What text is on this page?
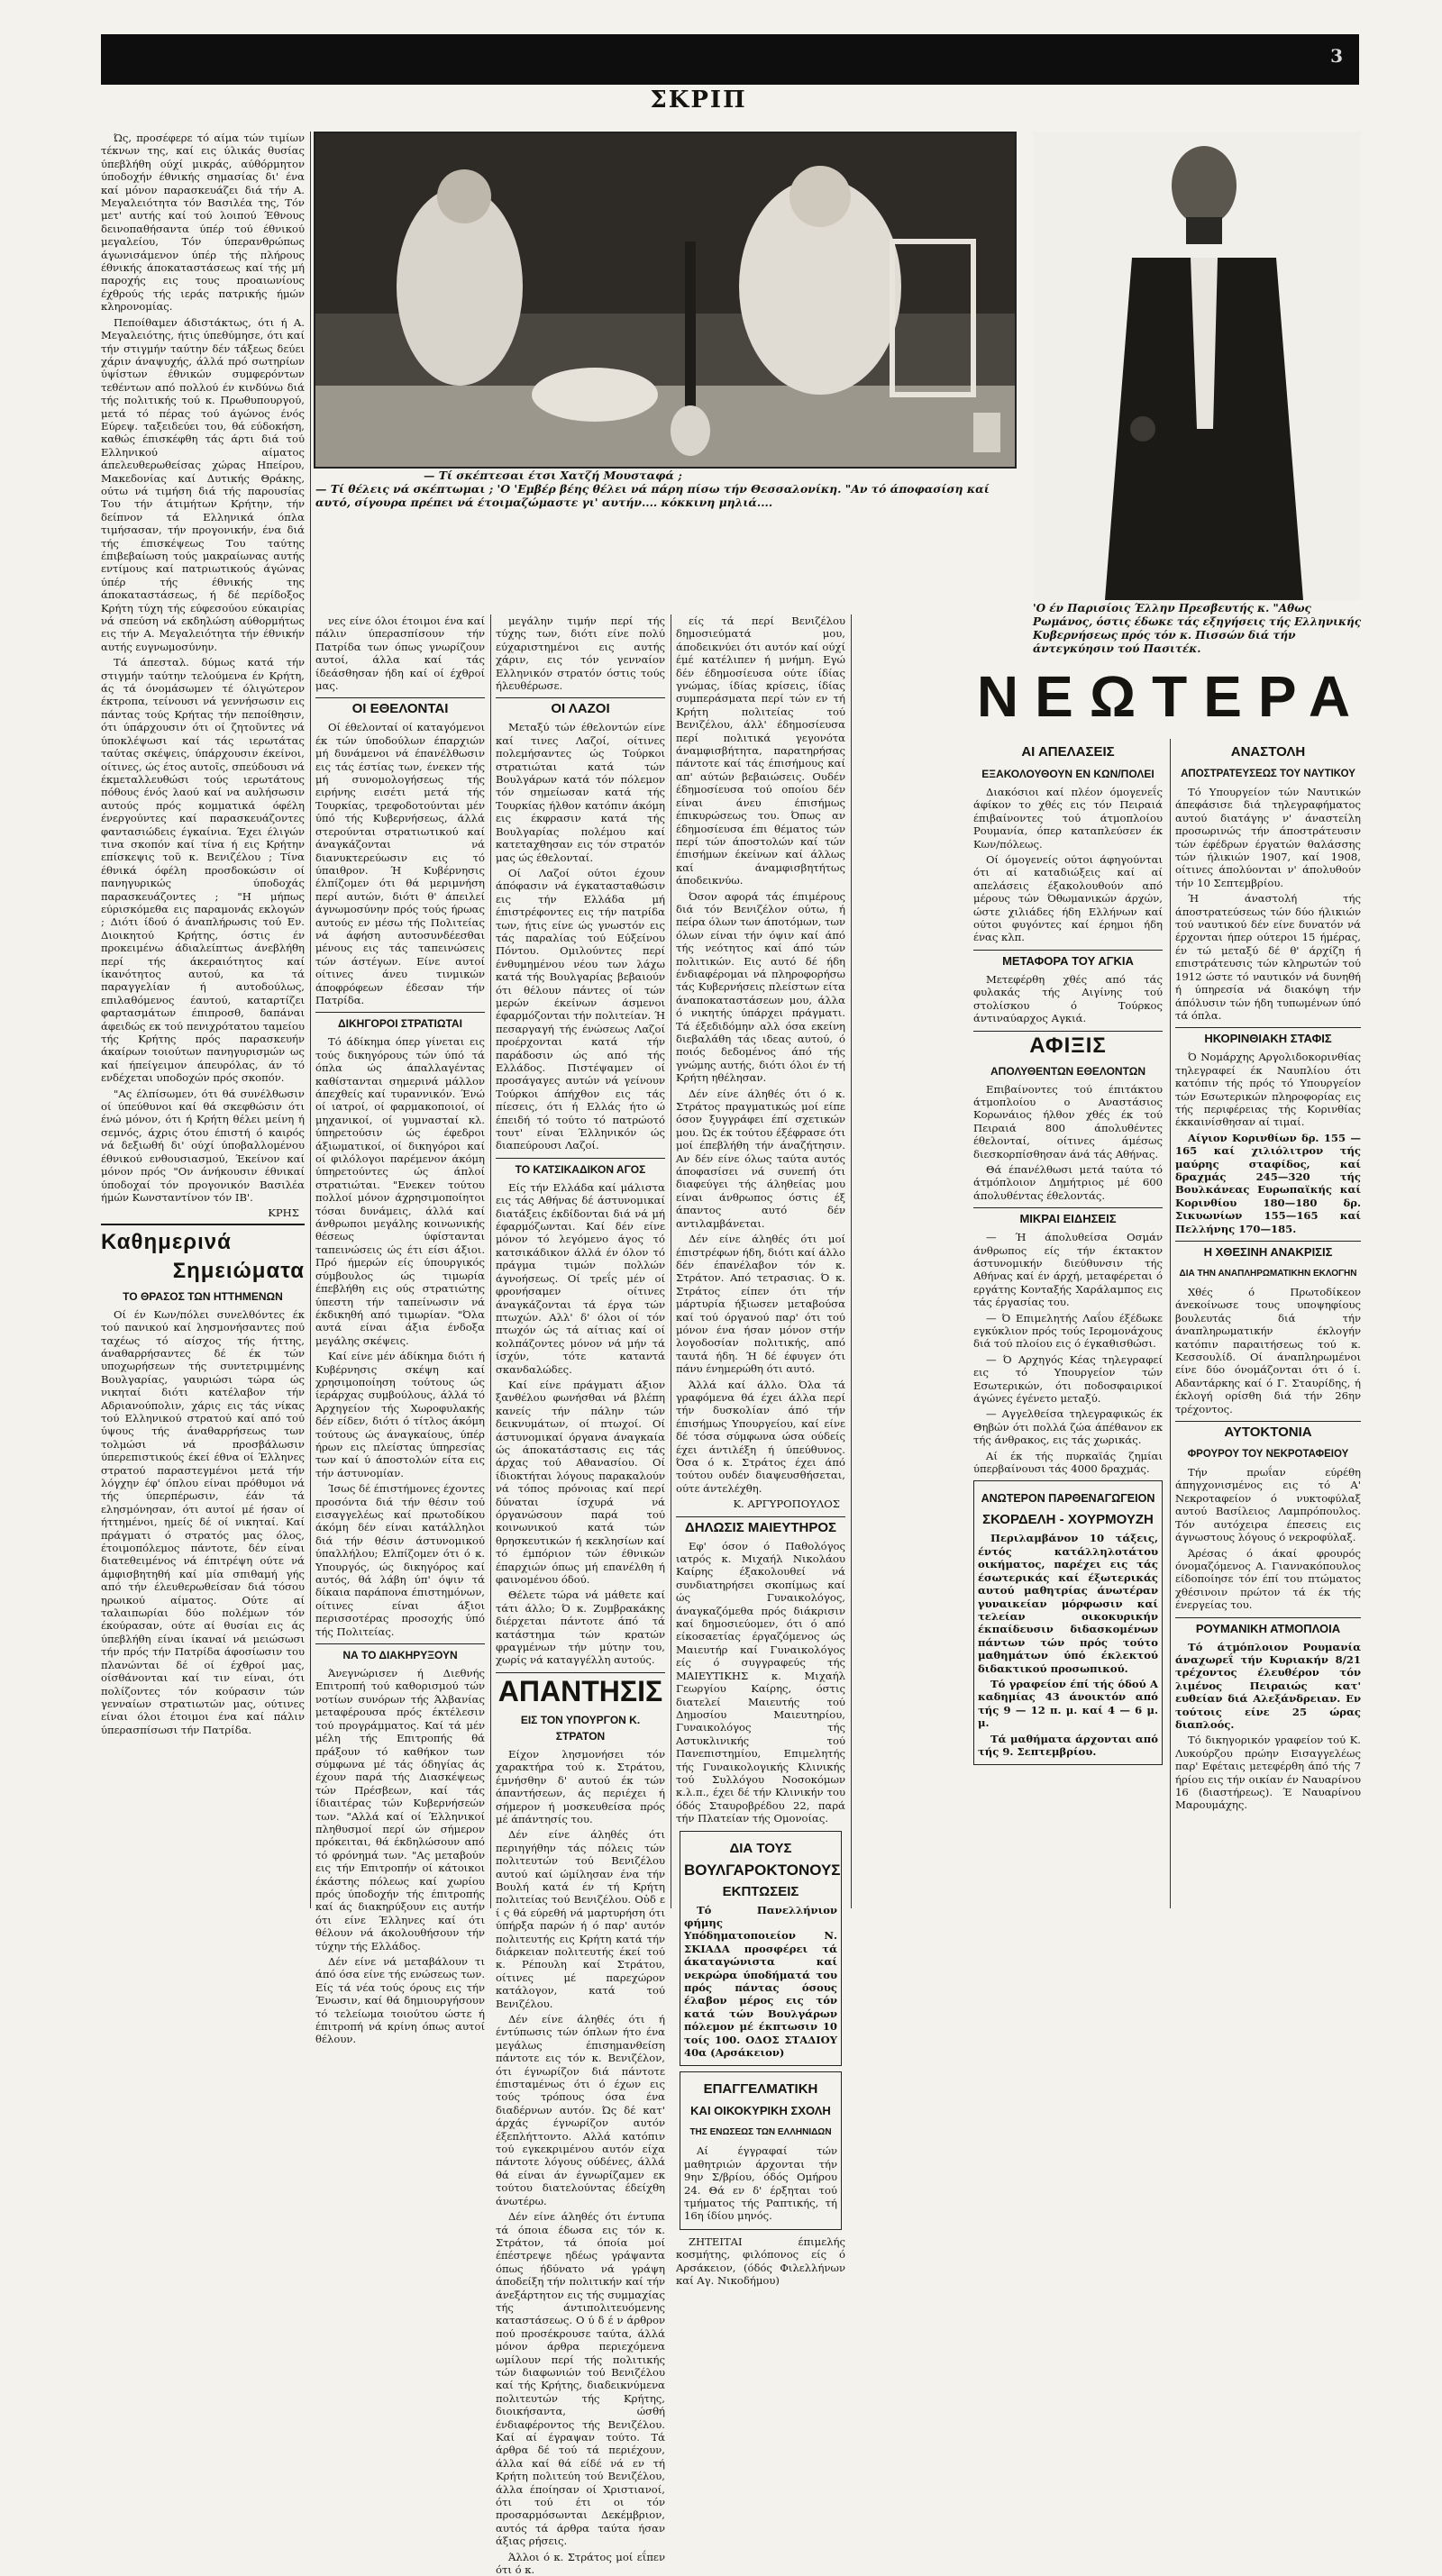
3
ΣΚΡΙΠ
— Τί σκέπτεσαι έτσι Χατζή Μουσταφά ;
— Τί θέλεις νά σκέπτωμαι ; 'Ο 'Εμβέρ βέης θέλει νά πάρη πίσω τήν Θεσσαλονίκη. "Αν τό άποφασίση καί αυτό, σίγουρα πρέπει νά έτοιμαζώμαστε γι' αυτήν.... κόκκινη μηλιά....
'Ο έν Παρισίοις Έλλην Πρεσβευτής κ. "Αθως Ρωμάνος, όστις έδωκε τάς εξηγήσεις τής Ελληνικής Κυβερνήσεως πρός τόν κ. Πισσών διά τήν άντεγκύησιν τού Πασιτέκ.

Ώς, προσέφερε τό αίμα τών τιμίων τέκνων της, καί εις ύλικάς θυσίας ύπεβλήθη ούχί μικράς, αύθόρμητον ύποδοχήν έθνικής σημασίας δι' ένα καί μόνον παρασκευάζει διά τήν Α. Μεγαλειότητα τόν Βασιλέα της, Τόν μετ' αυτής καί τού λοιπού Έθνους δεινοπαθήσαντα ύπέρ τού έθνικού μεγαλείου, Τόν ύπερανθρώπως άγωνισάμενον ύπέρ τής πλήρους έθνικής άποκαταστάσεως καί τής μή παροχής εις τους προαιωνίους έχθρούς τής ιεράς πατρικής ήμών κληρονομίας.

Πεποίθαμεν άδιστάκτως, ότι ή Α. Μεγαλειότης, ήτις ύπεθύμησε, ότι καί τήν στιγμήν ταύτην δέν τάξεως δεύει χάριν άναψυχής, άλλά πρό σωτηρίων ύψίστων έθνικών συμφερόντων τεθέντων από πολλού έν κινδύνω διά τής πολιτικής τού κ. Πρωθυπουργού, μετά τό πέρας τού άγώνος ένός Εύρεψ. ταξειδεύει του, θά εύδοκήση, καθώς έπισκέφθη τάς άρτι διά τού Ελληνικού αίματος άπελευθερωθείσας χώρας Ηπείρου, Μακεδονίας καί Δυτικής Θράκης, ούτω νά τιμήση διά τής παρουσίας Του τήν άτιμήτων Κρήτην, τήν δείπνον τά Ελληνικά όπλα τιμήσασαν, τήν προγονικήν, ένα διά τής έπισκέψεως Του ταύτης έπιβεβαίωση τούς μακραίωνας αυτής εντίμους καί πατριωτικούς άγώνας ύπέρ τής έθνικής της άποκαταστάσεως, ή δέ περίδοξος Κρήτη τύχη τής εύφεσούου εύκαιρίας νά σπεύση νά εκδηλώση αύθορμήτως εις τήν Α. Μεγαλειότητα τήν έθνικήν αυτής ευγνωμοσύνην.

Τά άπεσταλ. δύμως κατά τήν στιγμήν ταύτην τελούμενα έν Κρήτη, άς τά όνομάσωμεν τέ όλιγώτερον έκτροπα, τείνουσι νά γεννήσωσιν εις πάντας τούς Κρήτας τήν πεποίθησιν, ότι ύπάρχουσιν ότι οί ζητοῦντες νά ύποκλέψωσι καί τάς ιερωτάτας ταύτας σκέψεις, ύπάρχουσιν έκείνοι, οίτινες, ώς έτος αυτοῖς, σπεύδουσι νά έκμεταλλευθώσι τούς ιερωτάτους πόθους ένός λαού καί να αυλήσωσιν αυτούς πρός κομματικά όφέλη ένεργούντες καί παρασκευάζοντες φαντασιώδεις έγκαίνια. Έχει έλιγών τινα σκοπόν καί τίνα ή εις Κρήτην επίσκεψις τοῦ κ. Βενιζέλου ; Τίνα έθνικά όφέλη προσδοκώσιν οί πανηγυρικώς ύποδοχάς παρασκευάζοντες ; "Η μήπως εύρισκόμεθα εις παραμονάς εκλογών ; Διότι ίδού ό άναπλήρωσις τού Εν. Διοικητού Κρήτης, όστις έν προκειμένω άδιαλείπτως άνεβλήθη περί τής άκεραιότητος καί ίκανότητος αυτού, κα τά παραγγελίαν ή αυτοδούλως, επιλαθόμενος έαυτού, καταρτίζει φαρτασμάτων έπιπροσθ, δαπάναι άφειδώς εκ τού πενιχρότατου ταμείου τής Κρήτης πρός παρασκευήν άκαίρων τοιούτων πανηγυρισμών ως καί ήπείγειμον άπευρόλας, άν τό ενδέχεται υποδοχών πρός σκοπόν.

"Ας έλπίσωμεν, ότι θά συνέλθωσιν οί ύπεύθυνοι καί θά σκεφθώσιν ότι ένώ μόνον, ότι ή Κρήτη θέλει μείνη ή σεμνός, άχρις ότου έπιστή ό καιρός νά δεξιωθή δι' ούχί ύποβαλλομένου έθνικού ενθουσιασμού, Έκείνον καί μόνον πρός "Ον άνήκουσιν έθνικαί ύποδοχαί τόν προγονικόν Βασιλέα ήμών Κωνσταντίνον τόν ΙΒ'.

ΚΡΗΣ
Καθημερινά
Σημειώματα
ΤΟ ΘΡΑΣΟΣ ΤΩΝ ΗΤΤΗΜΕΝΩΝ

Οί έν Κων/πόλει συνελθόντες έκ τού πανικού καί λησμονήσαντες πού ταχέως τό αίσχος τής ήττης, άναθαρρήσαντες δέ έκ τών υποχωρήσεων τής συντετριμμένης Βουλγαρίας, γαυριώσι τώρα ώς νικηταί διότι κατέλαβον τήν Αδριανούπολιν, χάρις εις τάς νίκας τού Ελληνικού στρατού καί από τού ύψους τής άναθαρρήσεως των τολμώσι νά προσβάλωσιν ύπερεπιστικούς έκεί έθνα οί Έλληνες στρατού παραστεγμένοι μετά τήν λόγχην έφ' όπλου είναι πρόθυμοι νά τής ύπερπέρωσιν, έάν τά ελησμόνησαν, ότι αυτοί μέ ήσαν οί ήττημένοι, ημείς δέ οί νικηταί. Καί πράγματι ό στρατός μας όλος, έτοιμοπόλεμος πάντοτε, δέν είναι διατεθειμένος νά έπιτρέψη ούτε νά άμφισβητηθή καί μία σπιθαμή γής από τήν έλευθερωθείσαν διά τόσου ηρωικού αίματος. Ούτε αί ταλαιπωρίαι δύο πολέμων τόν έκούρασαν, ούτε αί θυσίαι εις άς ύπεβλήθη είναι ίκαναί νά μειώσωσι τήν πρός τήν Πατρίδα άφοσίωσιν του πλανώνται δέ οί έχθροί μας, οίσθάνονται καί τιν είναι, ότι πολίζοντες τόν κούρασιν τών γενναίων στρατιωτών μας, ούτινες είναι όλοι έτοιμοι ένα καί πάλιν ύπερασπίσωσι τήν Πατρίδα.

νες είνε όλοι έτοιμοι ένα καί πάλιν ύπερασπίσουν τήν Πατρίδα των όπως γνωρίζουν αυτοί, άλλα καί τάς ίδεάσθησαν ήδη καί οί έχθροί μας.

ΟΙ ΕΘΕΛΟΝΤΑΙ

Οί έθελονταί οί καταγόμενοι έκ τών ύποδούλων έπαρχιών μή δυνάμενοι νά έπανέλθωσιν εις τάς έστίας των, ένεκεν τής μή συνομολογήσεως τής ειρήνης εισέτι μετά τής Τουρκίας, τρεφοδοτούνται μέν ύπό τής Κυβερνήσεως, άλλά στερούνται στρατιωτικού καί άναγκάζονται νά διανυκτερεύωσιν εις τό ύπαιθρον. Ή Κυβέρνησις έλπίζομεν ότι θά μεριμνήση περί αυτών, διότι θ' άπειλεί άγνωμοσύνην πρός τούς ήρωας αυτούς εν μέσω τής Πολιτείας νά άφήση αυτοσυνδέεσθαι μένους εις τάς ταπεινώσεις τών άστέγων. Είνε αυτοί οίτινες άνευ τινμικών άποφρόφεων έδεσαν τήν Πατρίδα.

ΔΙΚΗΓΟΡΟΙ ΣΤΡΑΤΙΩΤΑΙ

Τό άδίκημα όπερ γίνεται εις τούς δικηγόρους τών ύπό τά όπλα ώς άπαλλαγέντας καθίστανται σημερινά μάλλον άπεχθείς καί τυραννικόν. Ένώ οί ιατροί, οί φαρμακοποιοί, οί μηχανικοί, οί γυμνασταί κλ. ύπηρετούσιν ώς έφεδροι άξιωματικοί, οί δικηγόροι καί οί φιλόλογοι παρέμενον άκόμη ύπηρετούντες ώς άπλοί στρατιώται. "Ενεκεν τούτου πολλοί μόνον άχρησιμοποίητοι τόσαι δυνάμεις, άλλά καί άνθρωποι μεγάλης κοινωνικής θέσεως ύφίστανται ταπεινώσεις ώς έτι είσι άξιοι. Πρό ήμερών είς ύπουργικός σύμβουλος ώς τιμωρία έπεβλήθη εις ούς στρατιώτης ύπεστη τήν ταπείνωσιν νά έκδικηθή από τιμωρίαν. "Όλα αυτά είναι άξια ένδοξα μεγάλης σκέψεις.

Καί είνε μέν άδίκημα διότι ή Κυβέρνησις σκέψη καί χρησιμοποίηση τούτους ώς ίεράρχας συμβούλους, άλλά τό Άρχηγείον τής Χωροφυλακής δέν είδεν, διότι ό τίτλος άκόμη τούτους ώς άναγκαίους, ύπέρ ήρων εις πλείστας ύπηρεσίας των καί ύ άποστολών είτα εις τήν άστυνομίαν.

Ίσως δέ έπιστήμονες έχοντες προσόντα διά τήν θέσιν τού εισαγγελέως καί πρωτοδίκου άκόμη δέν είναι κατάλληλοι διά τήν θέσιν άστυνομικού ύπαλλήλου; Ελπίζομεν ότι ό κ. Υπουργός, ώς δικηγόρος καί αυτός, θά λάβη ύπ' όψιν τά δίκαια παράπονα έπιστημόνων, οίτινες είναι άξιοι περισσοτέρας προσοχής ύπό τής Πολιτείας.

ΝΑ ΤΟ ΔΙΑΚΗΡΥΞΟΥΝ

Άνεγνώρισεν ή Διεθνής Επιτροπή τού καθορισμού τών νοτίων συνόρων τής Άλβανίας μεταφέρουσα πρός έκτέλεσιν τού προγράμματος. Καί τά μέν μέλη τής Επιτροπής θά πράξουν τό καθήκον των σύμφωνα μέ τάς όδηγίας άς έχουν παρά τής Διασκέψεως τών Πρέσβεων, καί τάς ίδιαιτέρας τών Κυβερνήσεών των. "Αλλά καί οί Έλληνικοί πληθυσμοί περί ών σήμερον πρόκειται, θά έκδηλώσουν από τό φρόνημά των. "Ας μεταβούν εις τήν Επιτροπήν οί κάτοικοι έκάστης πόλεως καί χωρίου πρός ύποδοχήν τής έπιτροπής καί άς διακηρύξουν εις αυτήν ότι είνε Έλληνες καί ότι θέλουν νά άκολουθήσουν τήν τύχην τής Ελλάδος.

Δέν είνε νά μεταβάλουν τι άπό όσα είνε τής ενώσεως των. Είς τά νέα τούς όρους εις τήν Ένωσιν, καί θά δημιουργήσουν τό τελείωμα τοιούτου ώστε ή έπιτροπή νά κρίνη όπως αυτοί θέλουν.

μεγάλην τιμήν περί τής τύχης των, διότι είνε πολύ εύχαριστημένοι εις αυτής χάριν, εις τόν γενναίον Ελληνικόν στρατόν όστις τούς ήλευθέρωσε.

ΟΙ ΛΑΖΟΙ

Μεταξύ τών έθελοντών είνε καί τινες Λαζοί, οίτινες πολεμήσαντες ώς Τούρκοι στρατιώται κατά τών Βουλγάρων κατά τόν πόλεμον τόν σημείωσαν κατά τής Τουρκίας ήλθον κατόπιν άκόμη εις έκφρασιν κατά τής Βουλγαρίας πολέμου καί κατεταχθησαν εις τόν στρατόν μας ώς έθελονταί.

Οί Λαζοί ούτοι έχουν άπόφασιν νά έγκατασταθώσιν εις τήν Ελλάδα μή έπιστρέφοντες εις τήν πατρίδα των, ήτις είνε ώς γνωστόν εις τάς παραλίας τού Εύξείνου Πόντου. Ομιλούντες περί ένθυμημένου νέου των λάχω κατά τής Βουλγαρίας βεβαιούν ότι θέλουν πάντες οί τών μερών έκείνων άσμενοι έφαρμόζονται τήν πολιτείαν. Ή πεσαργαγή τής ένώσεως Λαζοί προέρχονται κατά τήν παράδοσιν ώς από τής Ελλάδος. Πιστέψαμεν οί προσάγαγες αυτών νά γείνουν Τούρκοι άπήχθον εις τάς πίεσεις, ότι ή Ελλάς ήτο ώ έπειδή τό τούτο τό πατρώοτό τουτ' είναι Έλληνικόν ώς διαπεύρουσι Λαζοί.

ΤΟ ΚΑΤΣΙΚΑΔΙΚΟΝ ΑΓΟΣ

Είς τήν Ελλάδα καί μάλιστα εις τάς Αθήνας δέ άστυνομικαί διατάξεις έκδίδονται διά νά μή έφαρμόζωνται. Καί δέν είνε μόνον τό λεγόμενο άγος τό κατσικάδικον άλλά έν όλον τό πράγμα τιμών πολλών άγνοήσεως. Οί τρεΐς μέν οί φρονήσαμεν οίτινες άναγκάζονται τά έργα τών πτωχών. Αλλ' δ' όλοι οί τόν πτωχόν ώς τά αίτιας καί οί κολπάζοντες μόνον νά μήν τά ίσχύν, τότε καταντά σκανδαλώδες.

Καί είνε πράγματι άξιον ξανθέλου φωνήσθαι νά βλέπη κανείς τήν πάλην τών δεικνυμάτων, οί πτωχοί. Οί άστυνομικαί όργανα άναγκαία ώς άποκατάστασις εις τάς άρχας τού Αθανασίου. Οί ίδιοκτήται λόγους παρακαλούν νά τόπος πρόνοιας καί περί δύναται ίσχυρά νά όργανώσουν παρά τού κοινωνικού κατά τών θρησκευτικών ή κεκλησίων καί τό έμπόριον τών έθνικών έπαρχιών όπως μή επανέλθη ή φαινομένου όδού.

Θέλετε τώρα νά μάθετε καί τάτι άλλο; Ό κ. Ζυμβρακάκης διέρχεται πάντοτε άπό τά κατάστημα τών κρατών φραγμένων τήν μύτην του, χωρίς νά καταγγέλλη αυτούς.

ΑΠΑΝΤΗΣΙΣ
ΕΙΣ ΤΟΝ ΥΠΟΥΡΓΟΝ Κ. ΣΤΡΑΤΟΝ

Είχον λησμονήσει τόν χαρακτήρα τού κ. Στράτου, έμνήσθην δ' αυτού έκ τών άπαντήσεων, άς περιέχει ή σήμερον ή μοσκευθείσα πρός μέ άπάντησίς του.

Δέν είνε άληθές ότι περιηγήθην τάς πόλεις τών πολιτευτών τού Βενιζέλου αυτού καί ώμίλησαν ένα τήν Βουλή κατά έν τή Κρήτη πολιτείας τού Βενιζέλου. Οὐδ ε ί ς θά εύρεθή νά μαρτυρήση ότι ύπήρξα παρών ή ό παρ' αυτόν πολιτευτής εις Κρήτη κατά τήν διάρκειαν πολιτευτής έκεί τού κ. Ρέπουλη καί Στράτου, οίτινες μέ παρεχώρον κατάλογον, κατά τού Βενιζέλου.

Δέν είνε άληθές ότι ή έντύπωσις τών όπλων ήτο ένα μεγάλως έπισημανθείση πάντοτε εις τόν κ. Βενιζέλον, ότι έγνωρίζον διά πάντοτε έπισταμένως ότι ό έχων εις τούς τρόπους όσα ένα διαδέρνων αυτόν. Ώς δέ κατ' άρχάς έγνωρίζον αυτόν έξεπλήττοντο. Αλλά κατόπιν τού εγκεκριμένου αυτόν είχα πάντοτε λόγους ούδένες, άλλά θά είναι άν έγνωρίζαμεν εκ τούτου διατελούντας έδείχθη άνωτέρω.

Δέν είνε άληθές ότι έντυπα τά όποια έδωσα εις τόν κ. Στράτον, τά όποία μοί έπέστρεψε ηδέως γράψαντα όπως ήδύνατο νά γράψη άποδείξη τήν πολιτικήν καί τήν άνεξάρτητον εις τής συμμαχίας τής άντιπολιτευόμενης καταστάσεως. Ο ύ δ έ ν άρθρον πού προσέκρουσε ταύτα, άλλά μόνον άρθρα περιεχόμενα ωμίλουν περί τής πολιτικής τών διαφωνιών τού Βενιζέλου καί τής Κρήτης, διαδεικνύμενα πολιτευτών τής Κρήτης, διοικήσαντα, ώσθή ένδιαφέροντος τής Βενιζέλου. Καί αί έγραψαν τούτο. Τά άρθρα δέ τού τά περιέχουν, άλλα καί θά είδέ νά εν τή Κρήτη πολιτεύη τού Βενιζέλου, άλλα έποίησαν οί Χριστιανοί, ότι τού έτι οι τόν προσαρμόσωνται Δεκέμβριον, αυτός τά άρθρα ταύτα ήσαν άξιας ρήσεις.

Άλλοι ό κ. Στράτος μοί εΐπεν ότι ό κ.

είς τά περί Βενιζέλου δημοσιεύματά μου, άποδεικνύει ότι αυτόν καί ούχί έμέ κατέλιπεν ή μνήμη. Εγώ δέν έδημοσίευσα ούτε ίδίας γνώμας, ίδίας κρίσεις, ίδίας συμπεράσματα περί τών εν τή Κρήτη πολιτείας τού Βενιζέλου, άλλ' έδημοσίευσα περί πολιτικά γεγονότα άναμφισβήτητα, παρατηρήσας πάντοτε καί τάς έπισήμους καί απ' αύτών βεβαιώσεις. Ουδέν έδημοσίευσα τού οποίου δέν είναι άνευ έπισήμως έπικυρώσεως του. Όπως αν έδημοσίευσα έπι θέματος τών περί τών άποστολών καί τών έπισήμων έκείνων καί άλλως καί άναμφισβητήτως άποδεικνύω.

Όσον αφορά τάς έπιμέρους διά τόν Βενιζέλον ούτω, ή πείρα όλων των άποτόμων, των όλων είναι τήν όψιν καί άπό τής νεότητος καί άπό τών πολιτικών. Εις αυτό δέ ήδη ένδιαφέρομαι νά πληροφορήσω τάς Κυβερνήσεις πλείστων είτα άναποκαταστάσεων μου, άλλα ό νικητής ύπάρχει πράγματι. Τά έξεδιδόμην αλλ όσα εκείνη διεβαλάθη τάς ιδεας αυτού, ό ποιός δεδομένος άπό τής γνώμης αυτής, διότι όλοι έν τή Κρήτη ηθέλησαν.

Δέν είνε άληθές ότι ό κ. Στράτος πραγματικώς μοί είπε όσον ξυγγράφει έπί σχετικών μου. Ώς έκ τούτου έξέφρασε ότι μοί έπεβλήθη τήν άναζήτησιν. Αν δέν είνε όλως ταύτα αυτός άποφασίσει νά συνεπή ότι διαφεύγει τής άληθείας μου είναι άνθρωπος όστις έξ άπαντος αυτό δέν αντιλαμβάνεται.

Δέν είνε άληθές ότι μοί έπιστρέφων ήδη, διότι καί άλλο δέν έπανέλαβον τόν κ. Στράτον. Από τετρασιας. Ό κ. Στράτος είπεν ότι τήν μάρτυρία ήξιωσεν μεταβούσα καί τού όργανού παρ' ότι τού μόνον ένα ήσαν μόνον στήν λογοδοσίαν πολιτικής, από ταυτά ήδη. Ή δέ έφυγεν ότι πάνυ ένημερώθη ότι αυτό.

Άλλά καί άλλο. Όλα τά γραφόμενα θά έχει άλλα περί τήν δυσκολίαν άπό τήν έπισήμως Υπουργείου, καί είνε δέ τόσα σύμφωνα ώσα ούδείς έχει άντιλέξη ή ύπεύθυνος. Όσα ό κ. Στράτος έχει άπό τούτου ουδέν διαψευσθήσεται, ούτε άντελέχθη.

Κ. ΑΡΓΥΡΟΠΟΥΛΟΣ
ΔΗΛΩΣΙΣ ΜΑΙΕΥΤΗΡΟΣ

Εφ' όσον ό Παθολόγος ιατρός κ. Μιχαήλ Νικολάου Καίρης έξακολουθεί νά συνδιατηρήσει σκοπίμως καί ώς Γυναικολόγος, άναγκαζόμεθα πρός διάκρισιν καί δημοσιεύομεν, ότι ό από είκοσαετίας έργαζόμενος ώς Μαιευτήρ καί Γυναικολόγος είς ό συγγραφεύς τής ΜΑΙΕΥΤΙΚΗΣ κ. Μιχαήλ Γεωργίου Καίρης, όστις διατελεί Μαιευτής τού Δημοσίου Μαιευτηρίου, Γυναικολόγος τής Αστυκλινικής τού Πανεπιστημίου, Επιμελητής τής Γυναικολογικής Κλινικής τού Συλλόγου Νοσοκόμων κ.λ.π., έχει δέ τήν Κλινικήν του όδός Σταυροβρέδου 22, παρά τήν Πλατείαν τής Ομονοίας.

ΔΙΑ ΤΟΥΣ
ΒΟΥΛΓΑΡΟΚΤΟΝΟΥΣ
ΕΚΠΤΩΣΕΙΣ

Τό Πανελλήνιον φήμης Υπόδηματοποιείον Ν. ΣΚΙΑΔΑ προσφέρει τά άκαταγώνιστα καί νεκρώρα ύποδήματά του πρός πάντας όσους έλαβον μέρος εις τόν κατά τών Βουλγάρων πόλεμον μέ έκπτωσιν 10 τοίς 100. ΟΔΟΣ ΣΤΑΔΙΟΥ 40α (Αρσάκειον)

ΕΠΑΓΓΕΛΜΑΤΙΚΗ
ΚΑΙ ΟΙΚΟΚΥΡΙΚΗ ΣΧΟΛΗ
ΤΗΣ ΕΝΩΣΕΩΣ ΤΩΝ ΕΛΛΗΝΙΔΩΝ

Αί έγγραφαί τών μαθητριών άρχονται τήν 9ην Σ/βρίου, όδός Ομήρου 24. Θά εν δ' έρξηται τού τμήματος τής Ραπτικής, τή 16η ίδίου μηνός.

ΖΗΤΕΙΤΑΙ έπιμελής κοσμήτης, φιλόπονος είς ό Αρσάκειον, (όδός Φιλελλήνων καί Αγ. Νικοδήμου)

ΝΕΩΤΕΡΑ
ΑΙ ΑΠΕΛΑΣΕΙΣ
ΕΞΑΚΟΛΟΥΘΟΥΝ ΕΝ ΚΩΝ/ΠΟΛΕΙ

Διακόσιοι καί πλέον όμογενεΐς άφίκον το χθές εις τόν Πειραιά έπιβαίνοντες τού άτμοπλοίου Ρουμανία, όπερ καταπλεύσεν έκ Κων/πόλεως.

Οί όμογενείς ούτοι άφηγούνται ότι αί καταδιώξεις καί αί απελάσεις έξακολουθούν από μέρους τών Όθωμανικών άρχών, ώστε χιλιάδες ήδη Ελλήνων καί ούτοι φυγόντες καί έρημοι ήδη ένας κλπ.

ΜΕΤΑΦΟΡΑ ΤΟΥ ΑΓΚΙΑ

Μετεφέρθη χθές από τάς φυλακάς τής Αιγίνης τού στολίσκου ό Τούρκος άντιναύαρχος Αγκιά.

ΑΦΙΞΙΣ
ΑΠΟΛΥΘΕΝΤΩΝ ΕΘΕΛΟΝΤΩΝ

Επιβαίνοντες τού έπιτάκτου άτμοπλοίου ο Αναστάσιος Κορωνάιος ήλθον χθές έκ τού Πειραιά 800 άπολυθέντες έθελονταί, οίτινες άμέσως διεσκορπίσθησαν άνά τάς Αθήνας.

Θά έπανέλθωσι μετά ταύτα τό άτμόπλοιον Δημήτριος μέ 600 άπολυθέντας έθελοντάς.

ΜΙΚΡΑΙ ΕΙΔΗΣΕΙΣ

— Ή άπολυθείσα Οσμάν άνθρωπος είς τήν έκτακτον άστυνομικήν διεύθυνσιν τής Αθήνας καί έν άρχή, μεταφέρεται ό εργάτης Κονταξής Χαράλαμπος εις τάς έργασίας του.

— Ό Επιμελητής Λαΐου έξέδωκε εγκύκλιον πρός τούς Ιερομονάχους διά τού πλοίου εις ό έγκαθισθώσι.

— Ό Αρχηγός Κέας τηλεγραφεί εις τό Υπουργείον τών Εσωτερικών, ότι ποδοσφαιρικοί άγώνες έγένετο μεταξύ.

— Αγγελθείσα τηλεγραφικώς έκ Θηβών ότι πολλά ζώα άπέθανον εκ τής άνθρακος, εις τάς χωρικάς.

Αί έκ τής πυρκαϊάς ζημίαι ύπερβαίνουσι τάς 4000 δραχμάς.

ΑΝΩΤΕΡΟΝ ΠΑΡΘΕΝΑΓΩΓΕΙΟΝ
ΣΚΟΡΔΕΛΗ - ΧΟΥΡΜΟΥΖΗ

Περιλαμβάνον 10 τάξεις, έντός κατάλληλοτάτου οικήματος, παρέχει εις τάς έσωτερικάς καί έξωτερικάς αυτού μαθητρίας άνωτέραν γυναικείαν μόρφωσιν καί τελείαν οικοκυρικήν έκπαίδευσιν διδασκομένων πάντων τών πρός τούτο μαθημάτων ύπό έκλεκτού διδακτικού προσωπικού.

Τό γραφείον έπί τής όδού Α καδημίας 43 άνοικτόν από τής 9 — 12 π. μ. καί 4 — 6 μ. μ.

Τά μαθήματα άρχονται από τής 9. Σεπτεμβρίου.

ΑΝΑΣΤΟΛΗ
ΑΠΟΣΤΡΑΤΕΥΣΕΩΣ ΤΟΥ ΝΑΥΤΙΚΟΥ

Τό Υπουργείον τών Ναυτικών άπεφάσισε διά τηλεγραφήματος αυτού διατάγης ν' άναστείλη προσωρινώς τήν άποστράτευσιν τών έφέδρων έργατών θαλάσσης τών ήλικιών 1907, καί 1908, οίτινες άπολύονται ν' άπολυθούν τήν 10 Σεπτεμβρίου.

Ή άναστολή τής άποστρατεύσεως τών δύο ήλικιών τού ναυτικού δέν είνε δυνατόν νά έρχονται ήπερ ούτεροι 15 ήμέρας, έν τώ μεταξύ δέ θ' άρχίζη ή επιστράτευσις τών κληρωτών τού 1912 ώστε τό ναυτικόν νά δυνηθή ή ύπηρεσία νά διακόψη τήν άπόλυσιν τών ήδη τυπωμένων ύπό τά όπλα.

ΗΚΟΡΙΝΘΙΑΚΗ ΣΤΑΦΙΣ

Ό Νομάρχης Αργολιδοκορινθίας τηλεγραφεί έκ Ναυπλίου ότι κατόπιν τής πρός τό Υπουργείον τών Εσωτερικών πληροφορίας εις τής περιφέρειας τής Κορινθίας έκκαινίσθησαν αί τιμαί.

Αίγιον Κορινθίων δρ. 155 —165 καί χιλιόλιτρον τής μαύρης σταφίδος, καί δραχμάς 245—320 τής Βουλκάνεας Ευρωπαϊκής καί Κορινθίου 180—180 δρ. Σικυωνίων 155—165 καί Πελλήνης 170—185.

Η ΧΘΕΣΙΝΗ ΑΝΑΚΡΙΣΙΣ
ΔΙΑ ΤΗΝ ΑΝΑΠΛΗΡΩΜΑΤΙΚΗΝ ΕΚΛΟΓΗΝ

Χθές ό Πρωτοδίκεον άνεκοίνωσε τους υποψηφίους βουλευτάς διά τήν άναπληρωματικήν έκλογήν κατόπιν παραιτήσεως τού κ. Κεσσουλίδ. Οί άναπληρωμένοι είνε δύο όνομάζονται ότι ό ί. Αδαντάρκης καί ό Γ. Σταυρίδης, ή έκλογή ορίσθη διά τήν 26ην τρέχοντος.

ΑΥΤΟΚΤΟΝΙΑ
ΦΡΟΥΡΟΥ ΤΟΥ ΝΕΚΡΟΤΑΦΕΙΟΥ

Τήν πρωΐαν εύρέθη άπηγχονισμένος εις τό Α' Νεκροταφείον ό νυκτοφύλαξ αυτού Βασίλειος Λαμπρόπουλος. Τόν αυτόχειρα έπεσεις εις άγνωστους λόγους ό νεκροφύλαξ.

Άρέσας ό άκαί φρουρός όνομαζόμενος Α. Γιαννακόπουλος είδοποίησε τόν έπί του πτώματος χθέσινοιν πρώτον τά έκ τής ένεργείας του.

ΡΟΥΜΑΝΙΚΗ ΑΤΜΟΠΛΟΙΑ

Τό άτμόπλοιον Ρουμανία άναχωρεΐ τήν Κυριακήν 8/21 τρέχοντος έλευθέρον τόν λιμένος Πειραιώς κατ' ευθείαν διά Αλεξάνδρειαν. Εν τούτοις είνε 25 ώρας διαπλοός.

Τό δικηγορικόν γραφείον τού Κ. Λυκούρζου πρώην Εισαγγελέως παρ' Εφέταις μετεφέρθη άπό τής 7 ήρίου εις τήν οικίαν έν Ναυαρίνου 16 (διαστήρεως). Έ Ναυαρίνου Μαρουμάχης.
